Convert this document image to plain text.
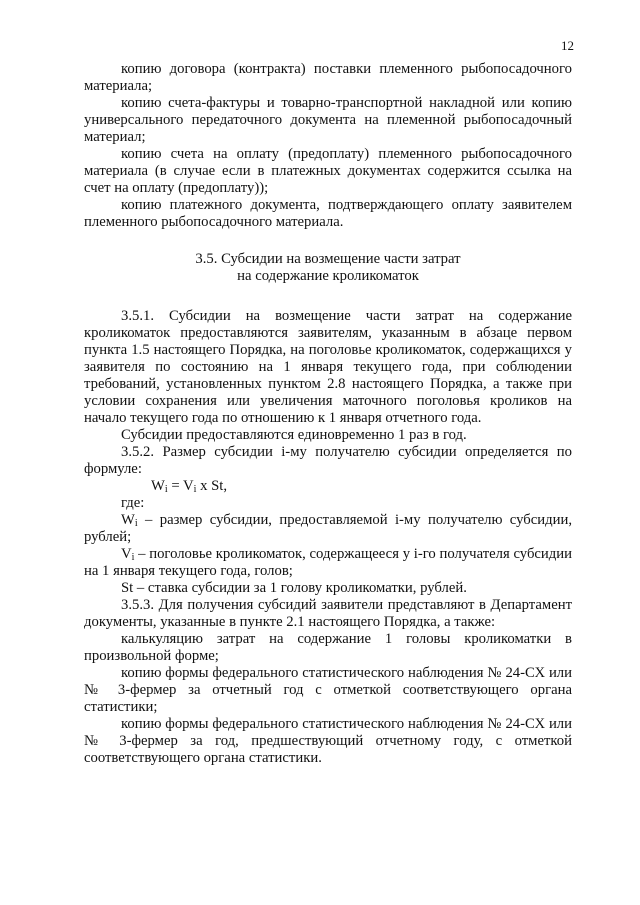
12

копию договора (контракта) поставки племенного рыбопосадочного материала;

копию счета-фактуры и товарно-транспортной накладной или копию универсального передаточного документа на племенной рыбопосадочный материал;

копию счета на оплату (предоплату) племенного рыбопосадочного материала (в случае если в платежных документах содержится ссылка на счет на оплату (предоплату));

копию платежного документа, подтверждающего оплату заявителем племенного рыбопосадочного материала.

3.5. Субсидии на возмещение части затрат

на содержание кроликоматок

3.5.1. Субсидии на возмещение части затрат на содержание кроликоматок предоставляются заявителям, указанным в абзаце первом пункта 1.5 настоящего Порядка, на поголовье кроликоматок, содержащихся у заявителя по состоянию на 1 января текущего года, при соблюдении требований, установленных пунктом 2.8 настоящего Порядка, а также при условии сохранения или увеличения маточного поголовья кроликов на начало текущего года по отношению к 1 января отчетного года.

Субсидии предоставляются единовременно 1 раз в год.

3.5.2. Размер субсидии i-му получателю субсидии определяется по формуле:

$W_i = V_i$ x St,

где:

$W_i$ – размер субсидии, предоставляемой i-му получателю субсидии, рублей;

$V_i$ – поголовье кроликоматок, содержащееся у i-го получателя субсидии на 1 января текущего года, голов;

St – ставка субсидии за 1 голову кроликоматки, рублей.

3.5.3. Для получения субсидий заявители представляют в Департамент документы, указанные в пункте 2.1 настоящего Порядка, а также:

калькуляцию затрат на содержание 1 головы кроликоматки в произвольной форме;

копию формы федерального статистического наблюдения № 24-СХ или № 3-фермер за отчетный год с отметкой соответствующего органа статистики;

копию формы федерального статистического наблюдения № 24-СХ или № 3-фермер за год, предшествующий отчетному году, с отметкой соответствующего органа статистики.
